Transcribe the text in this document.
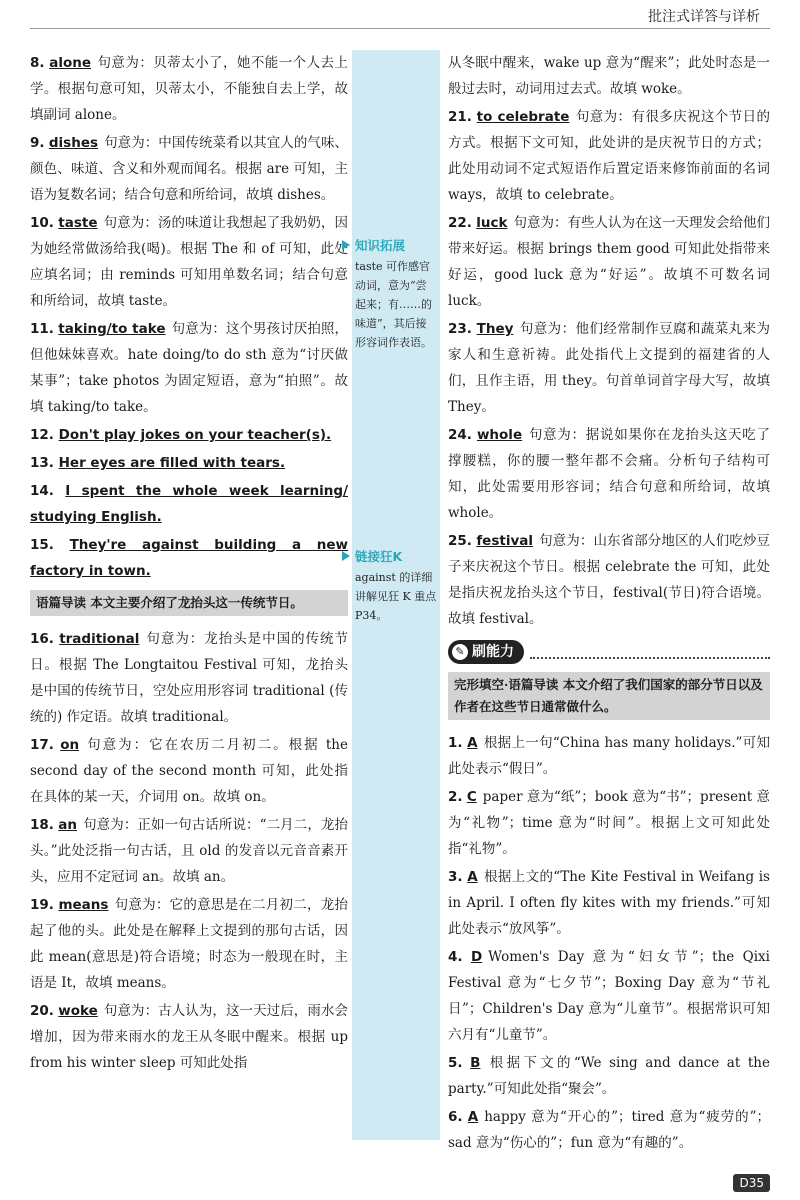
批注式详答与详析
8. alone 句意为：贝蒂太小了，她不能一个人去上学。根据句意可知，贝蒂太小，不能独自去上学，故填副词 alone。
9. dishes 句意为：中国传统菜肴以其宜人的气味、颜色、味道、含义和外观而闻名。根据 are 可知，主语为复数名词；结合句意和所给词，故填 dishes。
10. taste 句意为：汤的味道让我想起了我奶奶，因为她经常做汤给我(喝)。根据 The 和 of 可知，此处应填名词；由 reminds 可知用单数名词；结合句意和所给词，故填 taste。
11. taking/to take 句意为：这个男孩讨厌拍照，但他妹妹喜欢。hate doing/to do sth 意为“讨厌做某事”；take photos 为固定短语，意为“拍照”。故填 taking/to take。
12. Don't play jokes on your teacher(s).
13. Her eyes are filled with tears.
14. I spent the whole week learning/ studying English.
15. They're against building a new factory in town.
语篇导读 本文主要介绍了龙抬头这一传统节日。
16. traditional 句意为：龙抬头是中国的传统节日。根据 The Longtaitou Festival 可知，龙抬头是中国的传统节日，空处应用形容词 traditional (传统的) 作定语。故填 traditional。
17. on 句意为：它在农历二月初二。根据 the second day of the second month 可知，此处指在具体的某一天，介词用 on。故填 on。
18. an 句意为：正如一句古话所说：“二月二，龙抬头。”此处泛指一句古话，且 old 的发音以元音音素开头，应用不定冠词 an。故填 an。
19. means 句意为：它的意思是在二月初二，龙抬起了他的头。此处是在解释上文提到的那句古话，因此 mean(意思是)符合语境；时态为一般现在时，主语是 It，故填 means。
20. woke 句意为：古人认为，这一天过后，雨水会增加，因为带来雨水的龙王从冬眠中醒来。根据 up from his winter sleep 可知此处指
知识拓展
taste 可作感官动词，意为“尝起来；有……的味道”，其后接形容词作表语。
链接狂K
against 的详细讲解见狂 K 重点 P34。
从冬眠中醒来，wake up 意为“醒来”；此处时态是一般过去时，动词用过去式。故填 woke。
21. to celebrate 句意为：有很多庆祝这个节日的方式。根据下文可知，此处讲的是庆祝节日的方式；此处用动词不定式短语作后置定语来修饰前面的名词 ways，故填 to celebrate。
22. luck 句意为：有些人认为在这一天理发会给他们带来好运。根据 brings them good 可知此处指带来好运，good luck 意为“好运”。故填不可数名词 luck。
23. They 句意为：他们经常制作豆腐和蔬菜丸来为家人和生意祈祷。此处指代上文提到的福建省的人们，且作主语，用 they。句首单词首字母大写，故填 They。
24. whole 句意为：据说如果你在龙抬头这天吃了撑腰糕，你的腰一整年都不会痛。分析句子结构可知，此处需要用形容词；结合句意和所给词，故填 whole。
25. festival 句意为：山东省部分地区的人们吃炒豆子来庆祝这个节日。根据 celebrate the 可知，此处是指庆祝龙抬头这个节日，festival(节日)符合语境。故填 festival。
✎ 刷能力
完形填空·语篇导读 本文介绍了我们国家的部分节日以及作者在这些节日通常做什么。
1. A 根据上一句“China has many holidays.”可知此处表示“假日”。
2. C paper 意为“纸”；book 意为“书”；present 意为“礼物”；time 意为“时间”。根据上文可知此处指“礼物”。
3. A 根据上文的“The Kite Festival in Weifang is in April. I often fly kites with my friends.”可知此处表示“放风筝”。
4. D Women's Day 意为“妇女节”；the Qixi Festival 意为“七夕节”；Boxing Day 意为“节礼日”；Children's Day 意为“儿童节”。根据常识可知六月有“儿童节”。
5. B 根据下文的“We sing and dance at the party.”可知此处指“聚会”。
6. A happy 意为“开心的”；tired 意为“疲劳的”；sad 意为“伤心的”；fun 意为“有趣的”。
D35
